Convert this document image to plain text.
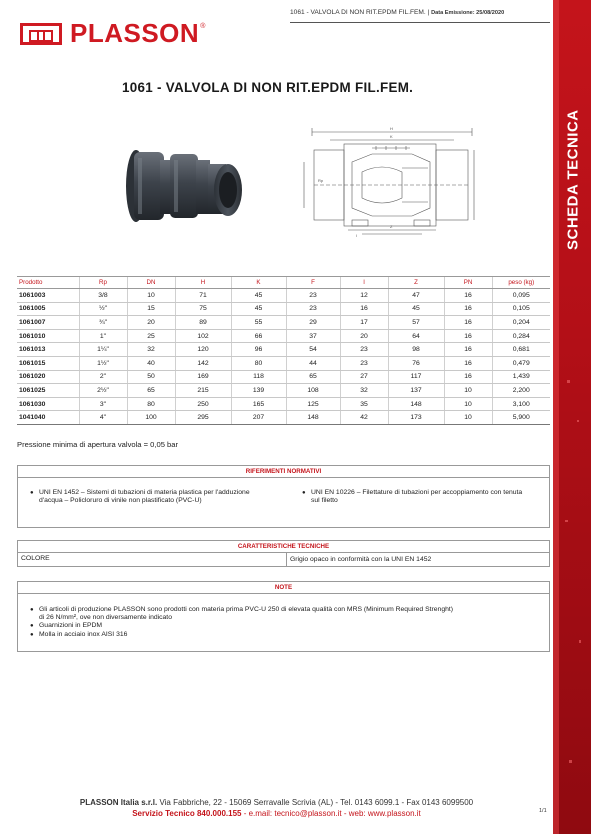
PLASSON ®
1061 - VALVOLA DI NON RIT.EPDM FIL.FEM. | Data Emissione: 25/08/2020
1061 - VALVOLA DI NON RIT.EPDM FIL.FEM.
Rp
H
K
Z
l
Prodotto	Rp	DN	H	K	F	l	Z	PN	peso (kg)
1061003	3/8	10	71	45	23	12	47	16	0,095
1061005	½"	15	75	45	23	16	45	16	0,105
1061007	¾"	20	89	55	29	17	57	16	0,204
1061010	1"	25	102	66	37	20	64	16	0,284
1061013	1¼"	32	120	96	54	23	98	16	0,681
1061015	1½"	40	142	80	44	23	76	16	0,479
1061020	2"	50	169	118	65	27	117	16	1,439
1061025	2½"	65	215	139	108	32	137	10	2,200
1061030	3"	80	250	165	125	35	148	10	3,100
1041040	4"	100	295	207	148	42	173	10	5,900
Pressione minima di apertura valvola = 0,05 bar
RIFERIMENTI NORMATIVI
● UNI EN 1452 – Sistemi di tubazioni di materia plastica per l'adduzione d'acqua – Policloruro di vinile non plastificato (PVC-U)
● UNI EN 10226 – Filettature di tubazioni per accoppiamento con tenuta sul filetto
CARATTERISTICHE TECNICHE
COLORE	Grigio opaco in conformità con la UNI EN 1452
NOTE
● Gli articoli di produzione PLASSON sono prodotti con materia prima PVC-U 250 di elevata qualità con MRS (Minimum Required Strenght) di 26 N/mm², ove non diversamente indicato
● Guarnizioni in EPDM
● Molla in acciaio inox AISI 316
PLASSON Italia s.r.l. Via Fabbriche, 22 - 15069 Serravalle Scrivia (AL) - Tel. 0143 6099.1 - Fax 0143 6099500
Servizio Tecnico 840.000.155 - e.mail: tecnico@plasson.it - web: www.plasson.it	1/1
SCHEDA TECNICA
